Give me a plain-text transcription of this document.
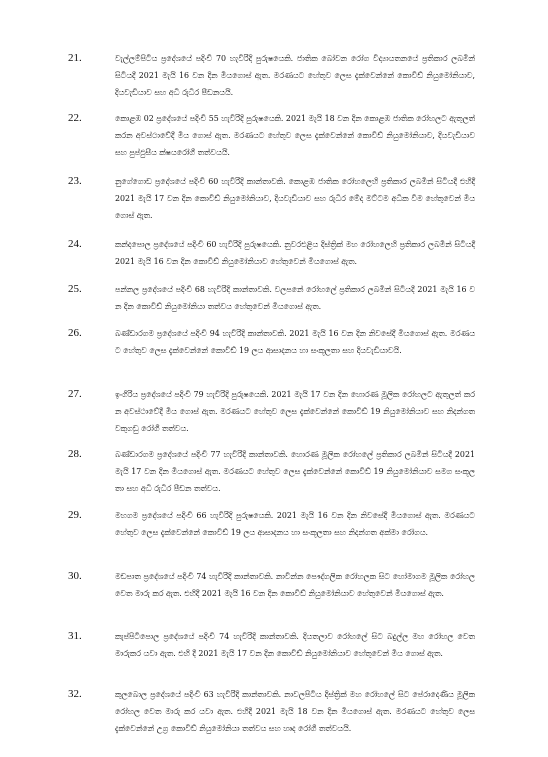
21.	වැල්ලම්පිටිය ප්‍රදේශයේ පදිංචි 70 හැවිරිදි පුරුෂයෙකි. ජාතික බෝවන රෝග විද්‍යායතනයේ ප්‍රතිකාර ලබමින් සිටියදී 2021 මැයි 16 වන දින මියගොස් ඇත. මරණයට හේතුව ලෙස දැක්වෙන්නේ කොවිඩ් නියුමෝනියාව, දියවැඩියාව සහ අධි රුධිර පීඩනයයි.
22.	කොළඹ 02 ප්‍රදේශයේ පදිංචි 55 හැවිරිදි පුරුෂයෙකි. 2021 මැයි 18 වන දින කොළඹ ජාතික රෝහලට ඇතුලත් කරන අවස්ථාවේදී මිය ගොස් ඇත. මරණයට හේතුව ලෙස දැක්වෙන්නේ කොවිඩ් නියුමෝනියාව, දියවැඩියාව සහ පුප්ඵුසීය ක්ෂයරෝගී තත්වයයි.
23.	නුගේගොඩ ප්‍රදේශයේ පදිංචි 60 හැවිරිදි කාන්තාවකි. කොළඹ ජාතික රෝහලෙහි ප්‍රතිකාර ලබමින් සිටියදී එහිදී 2021 මැයි 17 වන දින කොවිඩ් නියුමෝනියාව, දියවැඩියාව සහ රුධිර මේද මට්ටම අධික වීම හේතුවෙන් මිය ගොස් ඇත.
24.	කන්දපොල ප්‍රදේශයේ පදිංචි 60 හැවිරිදි පුරුෂයෙකි. නුවරඑළිය දිස්ත්‍රික් මහ රෝහලෙහි ප්‍රතිකාර ලබමින් සිටියදී 2021 මැයි 16 වන දින කොවිඩ් නියුමෝනියාව හේතුවෙන් මියගොස් ඇත.
25.	පන්නල ප්‍රදේශයේ පදිංචි 68 හැවිරිදි කාන්තාවකි. වලපනේ රෝහලේ ප්‍රතිකාර ලබමින් සිටියදී 2021 මැයි 16 වන දින කොවිඩ් නියුමෝනියා තත්වය හේතුවෙන් මියගොස් ඇත.
26.	බණ්ඩාරගම ප්‍රදේශයේ පදිංචි 94 හැවිරිදි කාන්තාවකි. 2021 මැයි 16 වන දින නිවසේදී මියගොස් ඇත. මරණයට හේතුව ලෙස දැක්වෙන්නේ කොවිඩ් 19 ලය ආසාදනය හා සංකූලතා සහ දියවැඩියාවයි.
27.	ඉංගිරිය ප්‍රදේශයේ පදිංචි 79 හැවිරිදි පුරුෂයෙකි. 2021 මැයි 17 වන දින හොරණ මූලික රෝහලට ඇතුලත් කරන අවස්ථාවේදී මිය ගොස් ඇත. මරණයට හේතුව ලෙස දැක්වෙන්නේ කොවිඩ් 19 නියුමෝනියාව සහ නිදන්ගත වකුගඩු රෝගී තත්වය.
28.	බණ්ඩාරගම ප්‍රදේශයේ පදිංචි 77 හැවිරිදි කාන්තාවකි. හොරණ මූලික රෝහලේ ප්‍රතිකාර ලබමින් සිටියදී 2021 මැයි 17 වන දින මියගොස් ඇත. මරණයට හේතුව ලෙස දැක්වෙන්නේ කොවිඩ් 19 නියුමෝනියාව සමග සංකූලතා සහ අධි රුධිර පීඩන තත්වය.
29.	මහගම ප්‍රදේශයේ පදිංචි 66 හැවිරිදි පුරුෂයෙකි. 2021 මැයි 16 වන දින නිවසේදී මියගොස් ඇත. මරණයට හේතුව ලෙස දැක්වෙන්නේ කොවිඩ් 19 ලය ආසාදනය හා සංකූලතා සහ නිදන්ගත අක්මා රෝගය.
30.	මඩපාත ප්‍රදේශයේ පදිංචි 74 හැවිරිදි කාන්තාවකි. නාවින්න පෞද්ගලික රෝහලක සිට හෝමාගම මූලික රෝහල වෙත මාරු කර ඇත. එහිදී 2021 මැයි 16 වන දින කොවිඩ් නියුමෝනියාව හේතුවෙන් මියගොස් ඇත.
31.	කැප්පිටිපොල ප්‍රදේශයේ පදිංචි 74 හැවිරිදි කාන්තාවකි. දියතලාව රෝහලේ සිට බදුල්ල මහ රෝහල වෙත මාරුකර යවා ඇත. එහි දී 2021 මැයි 17 වන දින කොවිඩ් නියුමෝනියාව හේතුවෙන් මිය ගොස් ඇත.
32.	කුලබොල ප්‍රදේශයේ පදිංචි 63 හැවිරිදි කාන්තාවකි. නාවලපිටිය දිස්ත්‍රික් මහ රෝහලේ සිට පේරාදෙණිය මූලික රෝහල වෙත මාරු කර යවා ඇත. එහිදී 2021 මැයි 18 වන දින මියගොස් ඇත. මරණයට හේතුව ලෙස දැක්වෙන්නේ උග්‍ර කොවිඩ් නියුමෝනියා තත්වය සහ හෘද රෝගී තත්වයයි.
